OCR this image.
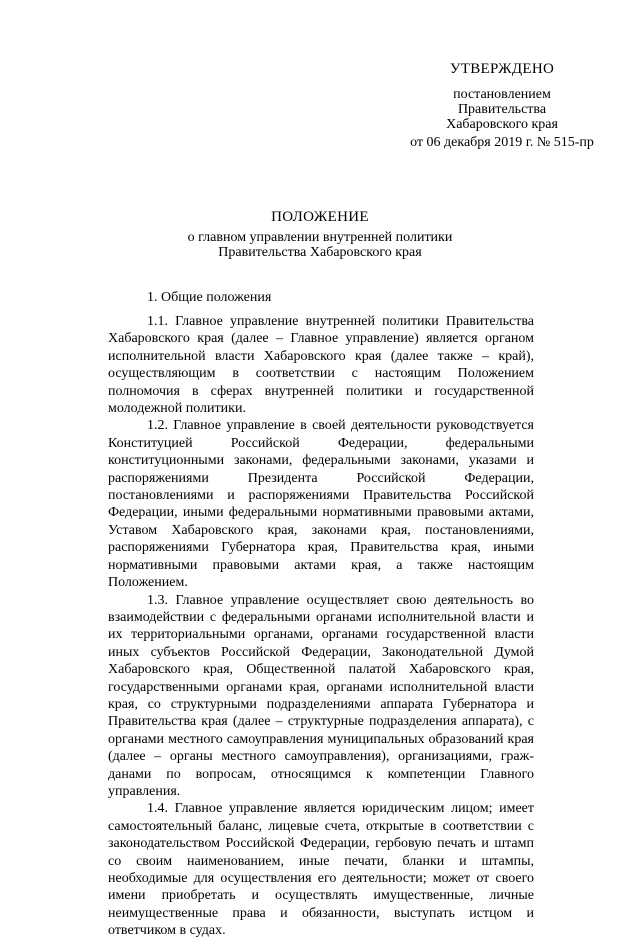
УТВЕРЖДЕНО
постановлением
Правительства
Хабаровского края
от 06 декабря 2019 г. № 515-пр
ПОЛОЖЕНИЕ
о главном управлении внутренней политики
Правительства Хабаровского края
1. Общие положения

1.1. Главное управление внутренней политики Правительства Хабаровского края (далее – Главное управление) является органом исполнительной власти Хабаровского края (далее также – край), осуществляющим в соответствии с настоящим Положением полномочия в сферах внутренней политики и государственной молодежной политики.

1.2. Главное управление в своей деятельности руководствуется Конституцией Российской Федерации, федеральными конституционными законами, федеральными законами, указами и распоряжениями Президента Российской Федерации, постановлениями и распоряжениями Правительства Российской Федерации, иными федеральными нормативными правовыми актами, Уставом Хабаровского края, законами края, постановлениями, распоряжениями Губернатора края, Правительства края, иными нормативными правовыми актами края, а также настоящим Положением.

1.3. Главное управление осуществляет свою деятельность во взаимодействии с федеральными органами исполнительной власти и их территориальными органами, органами государственной власти иных субъектов Российской Федерации, Законодательной Думой Хабаровского края, Общественной палатой Хабаровского края, государственными органами края, органами исполнительной власти края, со структурными подразделениями аппарата Губернатора и Правительства края (далее – структурные подразделения аппарата), с органами местного самоуправления муниципальных образований края (далее – органы местного самоуправления), организациями, гражданами по вопросам, относящимся к компетенции Главного управления.

1.4. Главное управление является юридическим лицом; имеет самостоятельный баланс, лицевые счета, открытые в соответствии с законодательством Российской Федерации, гербовую печать и штамп со своим наименованием, иные печати, бланки и штампы, необходимые для осуществления его деятельности; может от своего имени приобретать и осуществлять имущественные, личные неимущественные права и обязанности, выступать истцом и ответчиком в судах.
